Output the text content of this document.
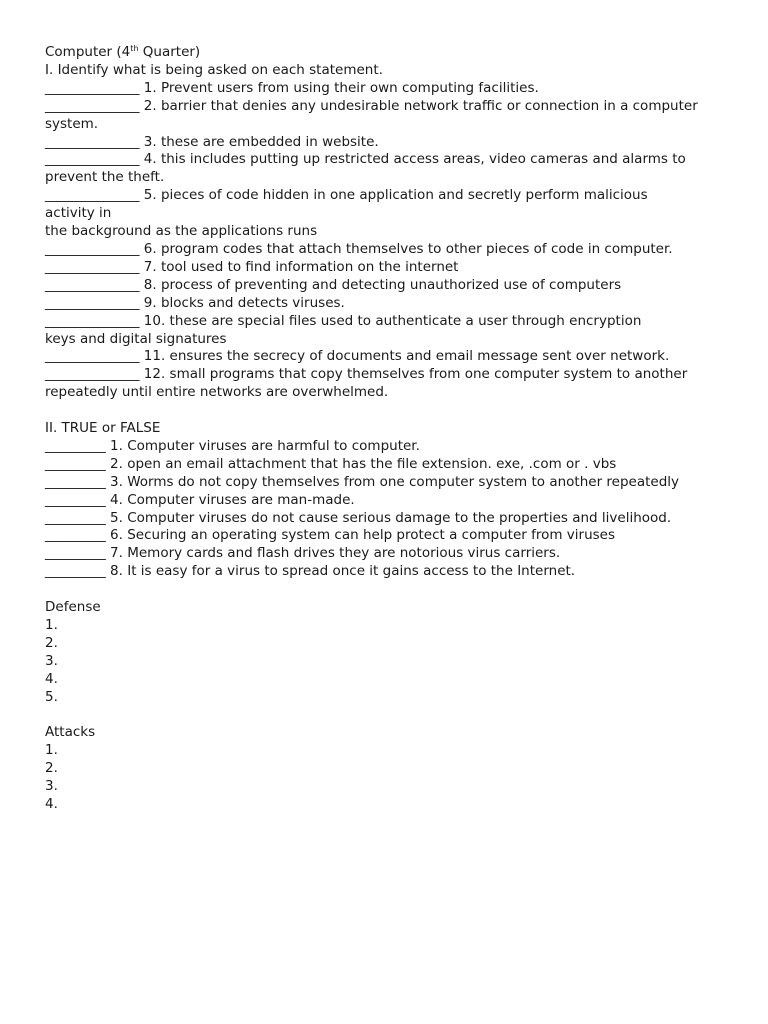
Computer (4th Quarter)
I. Identify what is being asked on each statement.
______________ 1. Prevent users from using their own computing facilities.
______________ 2. barrier that denies any undesirable network traffic or connection in a computer
system.
______________ 3. these are embedded in website.
______________ 4. this includes putting up restricted access areas, video cameras and alarms to
prevent the theft.
______________ 5. pieces of code hidden in one application and secretly perform malicious
activity in
the background as the applications runs
______________ 6. program codes that attach themselves to other pieces of code in computer.
______________ 7. tool used to find information on the internet
______________ 8. process of preventing and detecting unauthorized use of computers
______________ 9. blocks and detects viruses.
______________ 10. these are special files used to authenticate a user through encryption
keys and digital signatures
______________ 11. ensures the secrecy of documents and email message sent over network.
______________ 12. small programs that copy themselves from one computer system to another
repeatedly until entire networks are overwhelmed.
II. TRUE or FALSE
_________ 1. Computer viruses are harmful to computer.
_________ 2. open an email attachment that has the file extension. exe, .com or . vbs
_________ 3. Worms do not copy themselves from one computer system to another repeatedly
_________ 4. Computer viruses are man-made.
_________ 5. Computer viruses do not cause serious damage to the properties and livelihood.
_________ 6. Securing an operating system can help protect a computer from viruses
_________ 7. Memory cards and flash drives they are notorious virus carriers.
_________ 8. It is easy for a virus to spread once it gains access to the Internet.
Defense
1.
2.
3.
4.
5.
Attacks
1.
2.
3.
4.
